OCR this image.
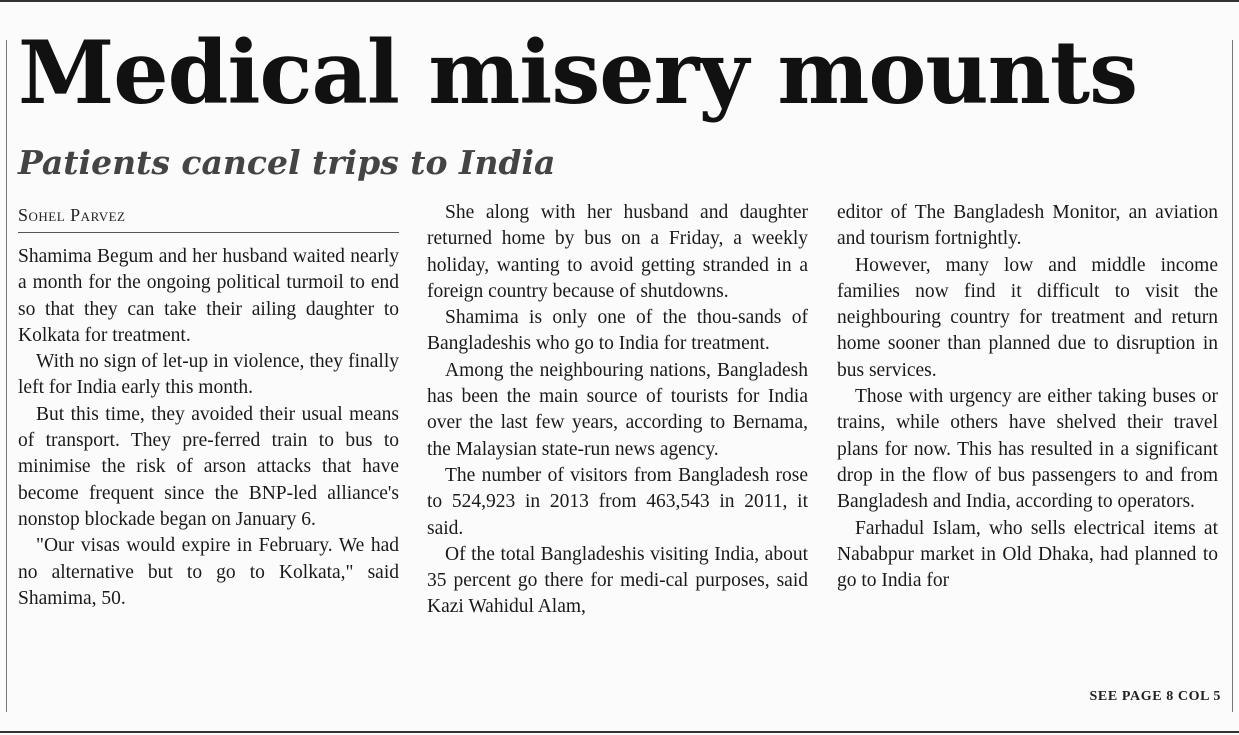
Medical misery mounts
Patients cancel trips to India
Sohel Parvez

Shamima Begum and her husband waited nearly a month for the ongoing political turmoil to end so that they can take their ailing daughter to Kolkata for treatment.

With no sign of let-up in violence, they finally left for India early this month.

But this time, they avoided their usual means of transport. They pre-ferred train to bus to minimise the risk of arson attacks that have become frequent since the BNP-led alliance's nonstop blockade began on January 6.

"Our visas would expire in February. We had no alternative but to go to Kolkata," said Shamima, 50.

She along with her husband and daughter returned home by bus on a Friday, a weekly holiday, wanting to avoid getting stranded in a foreign country because of shutdowns.

Shamima is only one of the thou-sands of Bangladeshis who go to India for treatment.

Among the neighbouring nations, Bangladesh has been the main source of tourists for India over the last few years, according to Bernama, the Malaysian state-run news agency.

The number of visitors from Bangladesh rose to 524,923 in 2013 from 463,543 in 2011, it said.

Of the total Bangladeshis visiting India, about 35 percent go there for medi-cal purposes, said Kazi Wahidul Alam,

editor of The Bangladesh Monitor, an aviation and tourism fortnightly.

However, many low and middle income families now find it difficult to visit the neighbouring country for treatment and return home sooner than planned due to disruption in bus services.

Those with urgency are either taking buses or trains, while others have shelved their travel plans for now. This has resulted in a significant drop in the flow of bus passengers to and from Bangladesh and India, according to operators.

Farhadul Islam, who sells electrical items at Nababpur market in Old Dhaka, had planned to go to India for

SEE PAGE 8 COL 5
